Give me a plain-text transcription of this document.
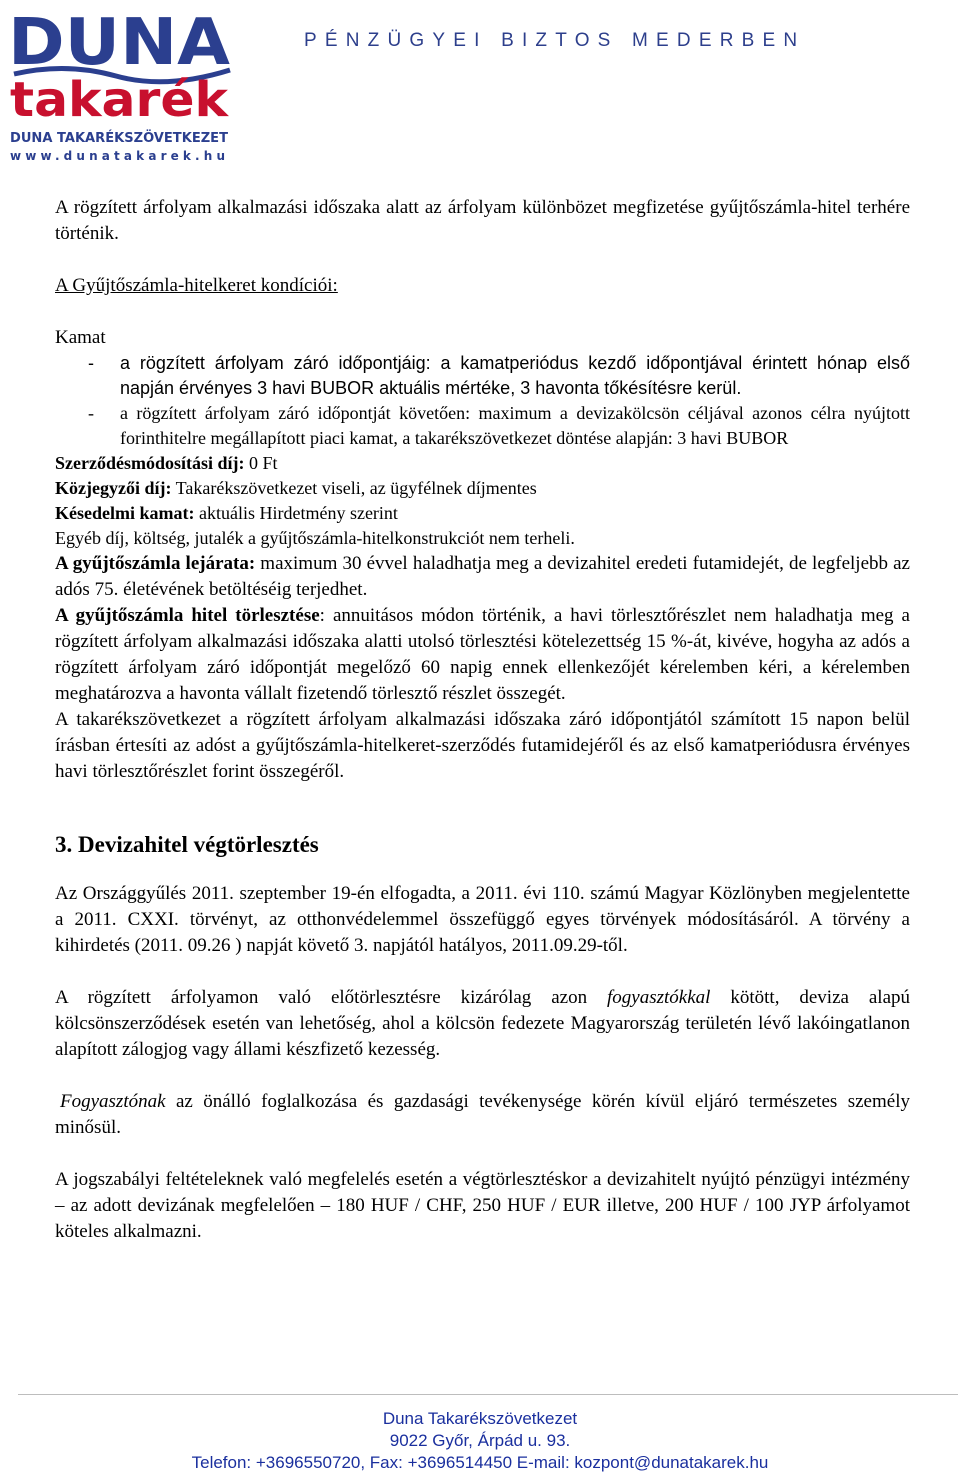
DUNA
takarék
DUNA TAKARÉKSZÖVETKEZET
www.dunatakarek.hu
PÉNZÜGYEI BIZTOS MEDERBEN

A rögzített árfolyam alkalmazási időszaka alatt az árfolyam különbözet megfizetése gyűjtőszámla-hitel terhére történik.

A Gyűjtőszámla-hitelkeret kondíciói:

Kamat

- a rögzített árfolyam záró időpontjáig: a kamatperiódus kezdő időpontjával érintett hónap első napján érvényes 3 havi BUBOR aktuális mértéke, 3 havonta tőkésítésre kerül.
- a rögzített árfolyam záró időpontját követően: maximum a devizakölcsön céljával azonos célra nyújtott forinthitelre megállapított piaci kamat, a takarékszövetkezet döntése alapján: 3 havi BUBOR

Szerződésmódosítási díj: 0 Ft

Közjegyzői díj: Takarékszövetkezet viseli, az ügyfélnek díjmentes

Késedelmi kamat: aktuális Hirdetmény szerint

Egyéb díj, költség, jutalék a gyűjtőszámla-hitelkonstrukciót nem terheli.

A gyűjtőszámla lejárata: maximum 30 évvel haladhatja meg a devizahitel eredeti futamidejét, de legfeljebb az adós 75. életévének betöltéséig terjedhet.

A gyűjtőszámla hitel törlesztése: annuitásos módon történik, a havi törlesztőrészlet nem haladhatja meg a rögzített árfolyam alkalmazási időszaka alatti utolsó törlesztési kötelezettség 15 %-át, kivéve, hogyha az adós a rögzített árfolyam záró időpontját megelőző 60 napig ennek ellenkezőjét kérelemben kéri, a kérelemben meghatározva a havonta vállalt fizetendő törlesztő részlet összegét.

A takarékszövetkezet a rögzített árfolyam alkalmazási időszaka záró időpontjától számított 15 napon belül írásban értesíti az adóst a gyűjtőszámla-hitelkeret-szerződés futamidejéről és az első kamatperiódusra érvényes havi törlesztőrészlet forint összegéről.

3. Devizahitel végtörlesztés

Az Országgyűlés 2011. szeptember 19-én elfogadta, a 2011. évi 110. számú Magyar Közlönyben megjelentette a 2011. CXXI. törvényt, az otthonvédelemmel összefüggő egyes törvények módosításáról. A törvény a kihirdetés (2011. 09.26 ) napját követő 3. napjától hatályos, 2011.09.29-től.

A rögzített árfolyamon való előtörlesztésre kizárólag azon fogyasztókkal kötött, deviza alapú kölcsönszerződések esetén van lehetőség, ahol a kölcsön fedezete Magyarország területén lévő lakóingatlanon alapított zálogjog vagy állami készfizető kezesség.

Fogyasztónak az önálló foglalkozása és gazdasági tevékenysége körén kívül eljáró természetes személy minősül.

A jogszabályi feltételeknek való megfelelés esetén a végtörlesztéskor a devizahitelt nyújtó pénzügyi intézmény – az adott devizának megfelelően – 180 HUF / CHF, 250 HUF / EUR illetve, 200 HUF / 100 JYP árfolyamot köteles alkalmazni.

Duna Takarékszövetkezet
9022 Győr, Árpád u. 93.
Telefon: +3696550720, Fax: +3696514450 E-mail: kozpont@dunatakarek.hu
